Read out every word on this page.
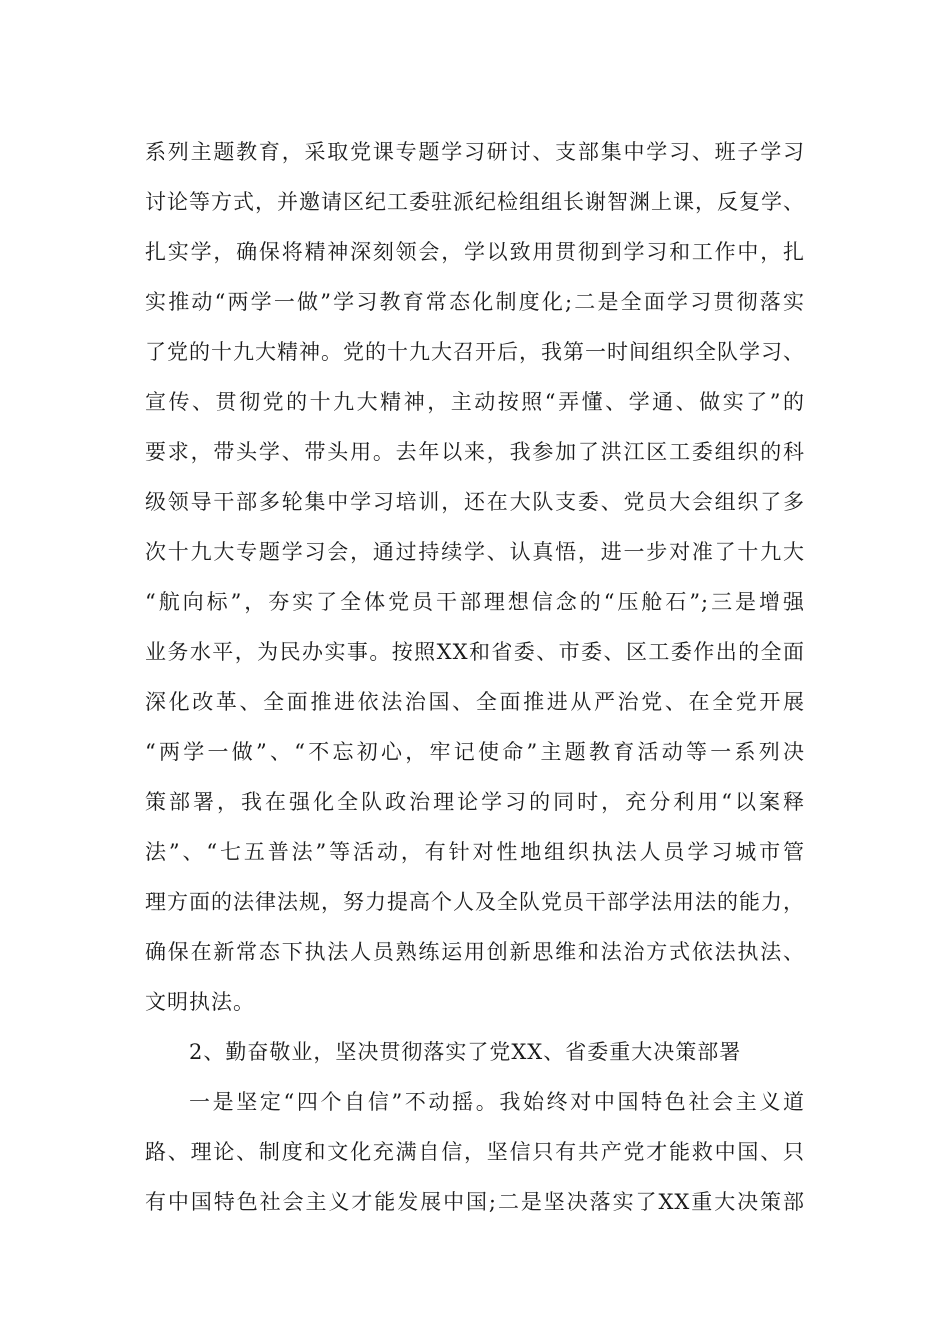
系列主题教育，采取党课专题学习研讨、支部集中学习、班子学习
讨论等方式，并邀请区纪工委驻派纪检组组长谢智渊上课，反复学、
扎实学，确保将精神深刻领会，学以致用贯彻到学习和工作中，扎
实推动“两学一做”学习教育常态化制度化;二是全面学习贯彻落实
了党的十九大精神。党的十九大召开后，我第一时间组织全队学习、
宣传、贯彻党的十九大精神，主动按照“弄懂、学通、做实了”的
要求，带头学、带头用。去年以来，我参加了洪江区工委组织的科
级领导干部多轮集中学习培训，还在大队支委、党员大会组织了多
次十九大专题学习会，通过持续学、认真悟，进一步对准了十九大
“航向标”，夯实了全体党员干部理想信念的“压舱石”;三是增强
业务水平，为民办实事。按照XX和省委、市委、区工委作出的全面
深化改革、全面推进依法治国、全面推进从严治党、在全党开展
“两学一做”、“不忘初心，牢记使命”主题教育活动等一系列决
策部署，我在强化全队政治理论学习的同时，充分利用“以案释
法”、“七五普法”等活动，有针对性地组织执法人员学习城市管
理方面的法律法规，努力提高个人及全队党员干部学法用法的能力，
确保在新常态下执法人员熟练运用创新思维和法治方式依法执法、
文明执法。
2、勤奋敬业，坚决贯彻落实了党XX、省委重大决策部署
一是坚定“四个自信”不动摇。我始终对中国特色社会主义道
路、理论、制度和文化充满自信，坚信只有共产党才能救中国、只
有中国特色社会主义才能发展中国;二是坚决落实了XX重大决策部
